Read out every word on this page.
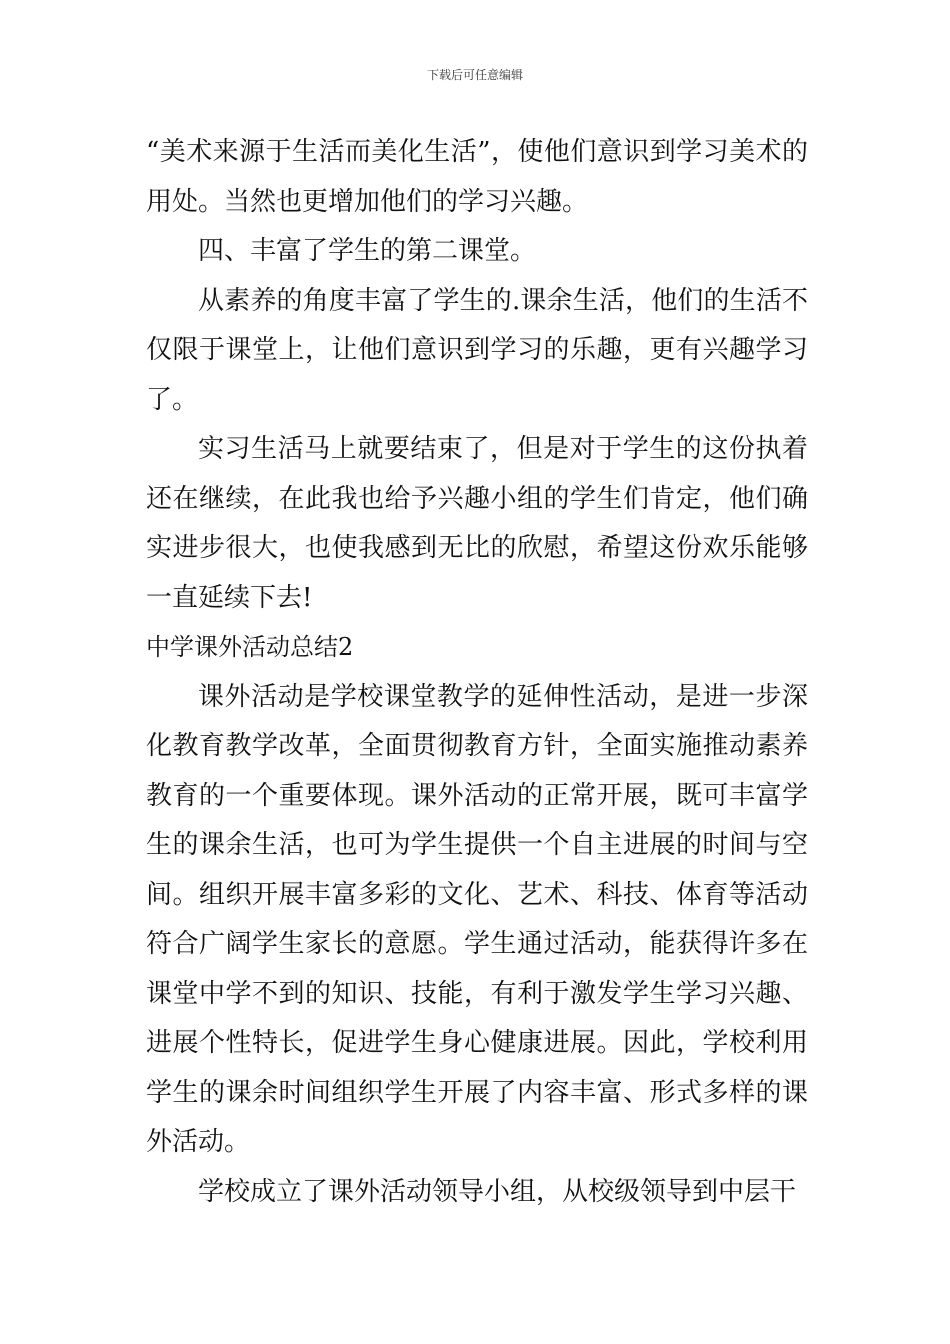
下载后可任意编辑

“美术来源于生活而美化生活”，使他们意识到学习美术的用处。当然也更增加他们的学习兴趣。

四、丰富了学生的第二课堂。

从素养的角度丰富了学生的.课余生活，他们的生活不仅限于课堂上，让他们意识到学习的乐趣，更有兴趣学习了。

实习生活马上就要结束了，但是对于学生的这份执着还在继续，在此我也给予兴趣小组的学生们肯定，他们确实进步很大，也使我感到无比的欣慰，希望这份欢乐能够一直延续下去!

中学课外活动总结2

课外活动是学校课堂教学的延伸性活动，是进一步深化教育教学改革，全面贯彻教育方针，全面实施推动素养教育的一个重要体现。课外活动的正常开展，既可丰富学生的课余生活，也可为学生提供一个自主进展的时间与空间。组织开展丰富多彩的文化、艺术、科技、体育等活动符合广阔学生家长的意愿。学生通过活动，能获得许多在课堂中学不到的知识、技能，有利于激发学生学习兴趣、进展个性特长，促进学生身心健康进展。因此，学校利用学生的课余时间组织学生开展了内容丰富、形式多样的课外活动。

学校成立了课外活动领导小组，从校级领导到中层干
